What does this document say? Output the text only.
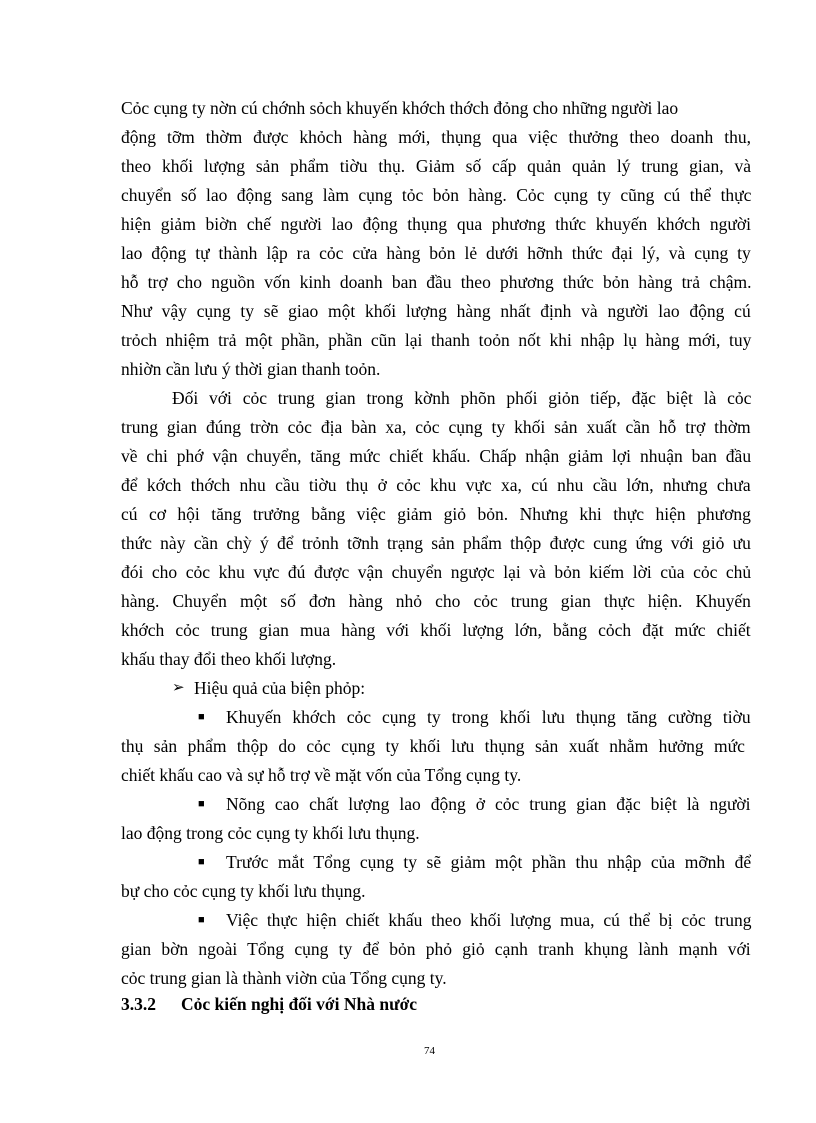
Cỏc cụng ty nờn cú chớnh sỏch khuyến khớch thớch đỏng cho những người lao
động tỡm thờm được khỏch hàng mới, thụng qua việc thưởng theo doanh thu,
theo khối lượng sản phẩm tiờu thụ. Giảm số cấp quản quản lý trung gian, và
chuyển số lao động sang làm cụng tỏc bỏn hàng. Cỏc cụng ty cũng cú thể thực
hiện giảm biờn chế người lao động thụng qua phương thức khuyến khớch người
lao động tự thành lập ra cỏc cửa hàng bỏn lẻ dưới hỡnh thức đại lý, và cụng ty
hỗ trợ cho nguồn vốn kinh doanh ban đầu theo phương thức bỏn hàng trả chậm.
Như vậy cụng ty sẽ giao một khối lượng hàng nhất định và người lao động cú
trỏch nhiệm trả một phần, phần cũn lại thanh toỏn nốt khi nhập lụ hàng mới, tuy
nhiờn cần lưu ý thời gian thanh toỏn.
Đối với cỏc trung gian trong kờnh phõn phối giỏn tiếp, đặc biệt là cỏc
trung gian đúng trờn cỏc địa bàn xa, cỏc cụng ty khối sản xuất cần hỗ trợ thờm
về chi phớ vận chuyển, tăng mức chiết khấu. Chấp nhận giảm lợi nhuận ban đầu
để kớch thớch nhu cầu tiờu thụ ở cỏc khu vực xa, cú nhu cầu lớn, nhưng chưa
cú cơ hội tăng trưởng bằng việc giảm giỏ bỏn. Nhưng khi thực hiện phương
thức này cần chỳ ý để trỏnh tỡnh trạng sản phẩm thộp được cung ứng với giỏ ưu
đói cho cỏc khu vực đú được vận chuyển ngược lại và bỏn kiếm lời của cỏc chủ
hàng. Chuyển một số đơn hàng nhỏ cho cỏc trung gian thực hiện. Khuyến
khớch cỏc trung gian mua hàng với khối lượng lớn, bằng cỏch đặt mức chiết
khấu thay đổi theo khối lượng.
➢ Hiệu quả của biện phỏp:
■ Khuyến khớch cỏc cụng ty trong khối lưu thụng tăng cường tiờu
thụ sản phẩm thộp do cỏc cụng ty khối lưu thụng sản xuất nhằm hưởng mức
chiết khấu cao và sự hỗ trợ về mặt vốn của Tổng cụng ty.
■ Nõng cao chất lượng lao động ở cỏc trung gian đặc biệt là người
lao động trong cỏc cụng ty khối lưu thụng.
■ Trước mắt Tổng cụng ty sẽ giảm một phần thu nhập của mỡnh để
bự cho cỏc cụng ty khối lưu thụng.
■ Việc thực hiện chiết khấu theo khối lượng mua, cú thể bị cỏc trung
gian bờn ngoài Tổng cụng ty để bỏn phỏ giỏ cạnh tranh khụng lành mạnh với
cỏc trung gian là thành viờn của Tổng cụng ty.
3.3.2 Cỏc kiến nghị đối với Nhà nước
74
